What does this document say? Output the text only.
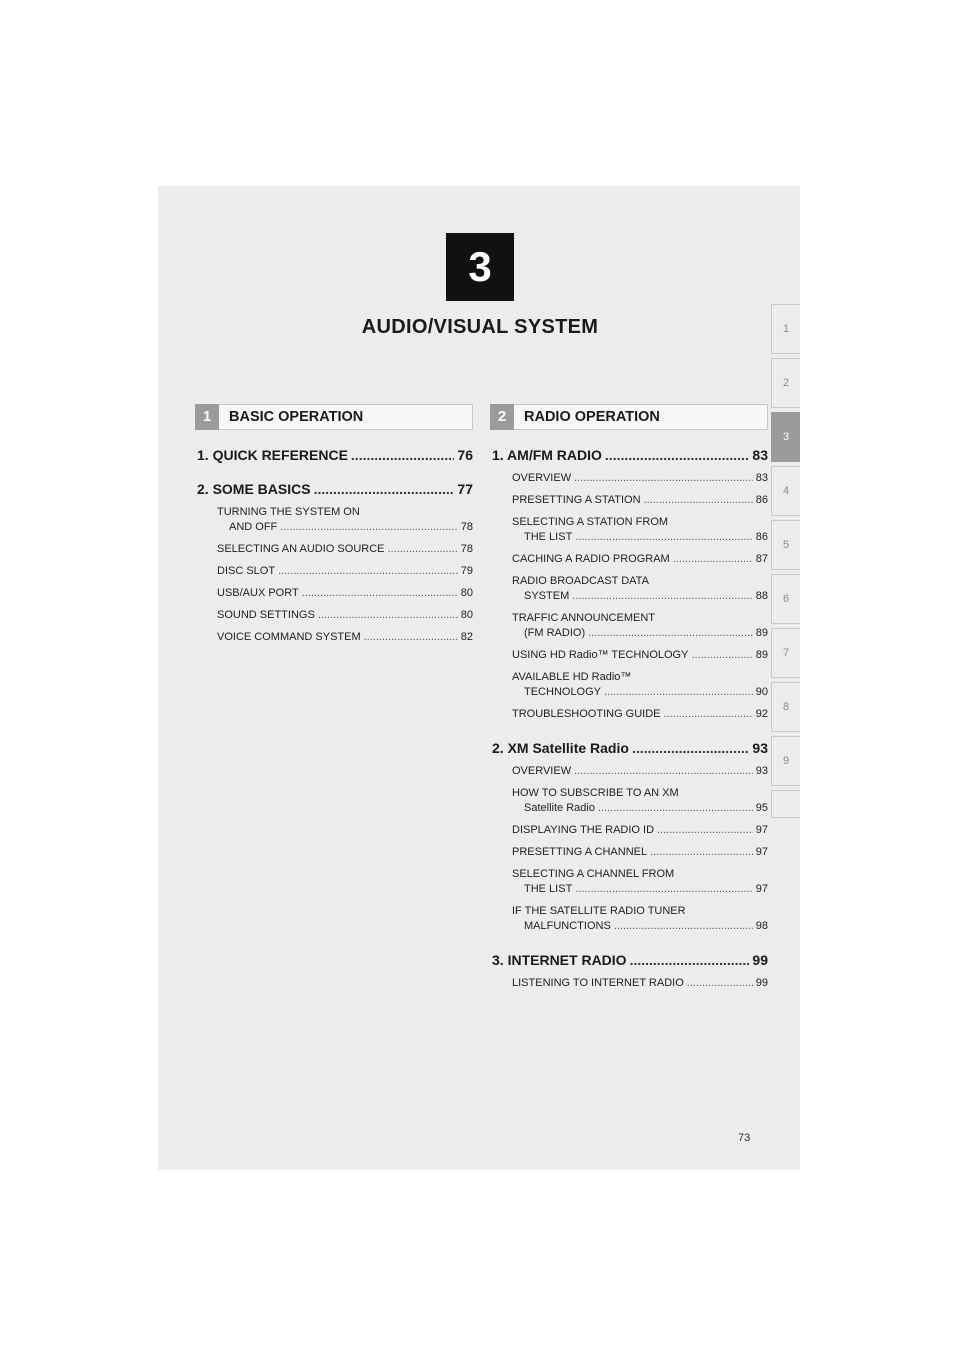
3
AUDIO/VISUAL SYSTEM	1
2
3
4
5
6
7
8
9
1	BASIC OPERATION
1. QUICK REFERENCE .....	76
2. SOME BASICS .....	77
TURNING THE SYSTEM ON
AND OFF .....	78
SELECTING AN AUDIO SOURCE .....	78
DISC SLOT .....	79
USB/AUX PORT .....	80
SOUND SETTINGS .....	80
VOICE COMMAND SYSTEM .....	82
2	RADIO OPERATION
1. AM/FM RADIO .....	83
OVERVIEW .....	83
PRESETTING A STATION .....	86
SELECTING A STATION FROM
THE LIST .....	86
CACHING A RADIO PROGRAM .....	87
RADIO BROADCAST DATA
SYSTEM .....	88
TRAFFIC ANNOUNCEMENT
(FM RADIO) .....	89
USING HD Radio™ TECHNOLOGY .....	89
AVAILABLE HD Radio™
TECHNOLOGY .....	90
TROUBLESHOOTING GUIDE .....	92
2. XM Satellite Radio .....	93
OVERVIEW .....	93
HOW TO SUBSCRIBE TO AN XM
Satellite Radio .....	95
DISPLAYING THE RADIO ID .....	97
PRESETTING A CHANNEL .....	97
SELECTING A CHANNEL FROM
THE LIST .....	97
IF THE SATELLITE RADIO TUNER
MALFUNCTIONS .....	98
3. INTERNET RADIO .....	99
LISTENING TO INTERNET RADIO .....	99
73
